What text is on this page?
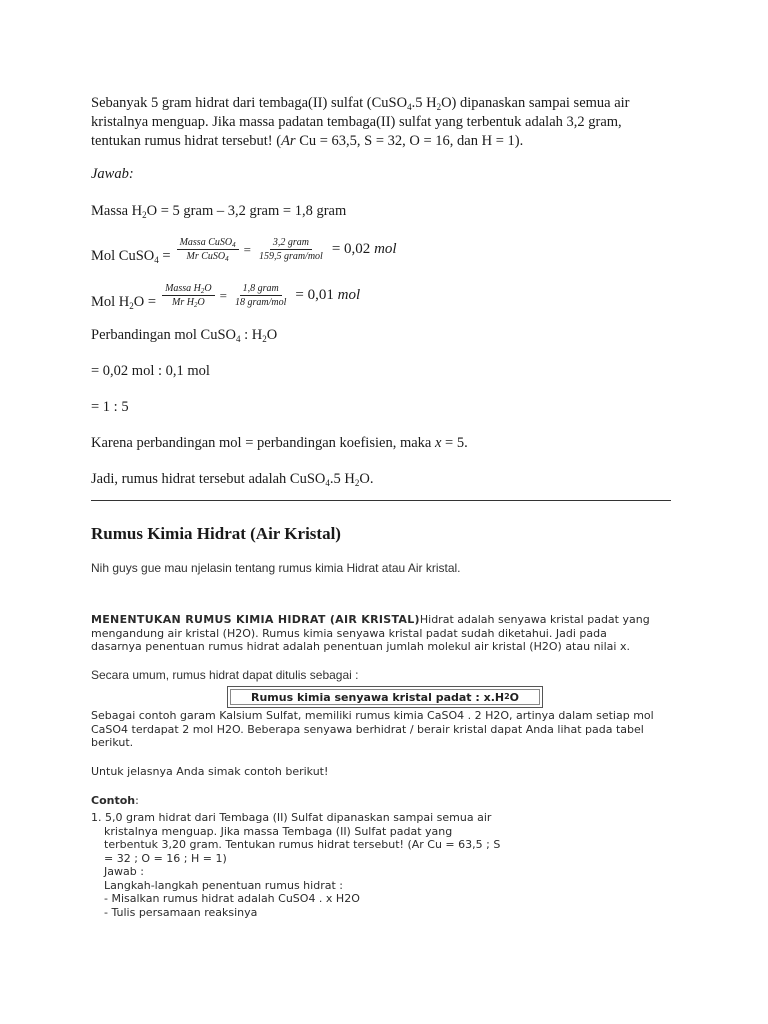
Sebanyak 5 gram hidrat dari tembaga(II) sulfat (CuSO$_4$.5 $H_2O$) dipanaskan sampai semua air
kristalnya menguap. Jika massa padatan tembaga(II) sulfat yang terbentuk adalah 3,2 gram,
tentukan rumus hidrat tersebut! (Ar Cu = 63,5, S = 32, O = 16, dan H = 1).
Jawab:
Massa $H_2O = 5$ gram – 3,2 gram = 1,8 gram
Mol CuSO$_4$ = $\frac{Massa CuSO_4}{Mr CuSO_4} = \frac{\text{3,2 gram}}{\text{159,5 gram/mol}} = 0,02$ mol
Mol $H_2O = \frac{Massa H_2O}{Mr H_2O} = \frac{\text{1,8 gram}}{\text{18 gram/mol}} = 0,01$ mol
Perbandingan mol CuSO$_4$ : $H_2O$
= 0,02 mol : 0,1 mol
= 1 : 5
Karena perbandingan mol = perbandingan koefisien, maka x = 5.
Jadi, rumus hidrat tersebut adalah CuSO$_4$.5 $H_2O$.
Rumus Kimia Hidrat (Air Kristal)
Nih guys gue mau njelasin tentang rumus kimia Hidrat atau Air kristal.
MENENTUKAN RUMUS KIMIA HIDRAT (AIR KRISTAL)Hidrat adalah senyawa kristal padat yang
mengandung air kristal (H2O). Rumus kimia senyawa kristal padat sudah diketahui. Jadi pada
dasarnya penentuan rumus hidrat adalah penentuan jumlah molekul air kristal (H2O) atau nilai x.
Secara umum, rumus hidrat dapat ditulis sebagai :
Rumus kimia senyawa kristal padat : x.H 2 O
Sebagai contoh garam Kalsium Sulfat, memiliki rumus kimia CaSO4 . 2 H2O, artinya dalam setiap mol
CaSO4 terdapat 2 mol H2O. Beberapa senyawa berhidrat / berair kristal dapat Anda lihat pada tabel
berikut.
Untuk jelasnya Anda simak contoh berikut!
Contoh:
1. 5,0 gram hidrat dari Tembaga (II) Sulfat dipanaskan sampai semua air
kristalnya menguap. Jika massa Tembaga (II) Sulfat padat yang
terbentuk 3,20 gram. Tentukan rumus hidrat tersebut! (Ar Cu = 63,5 ; S
= 32 ; O = 16 ; H = 1)
Jawab :
Langkah-langkah penentuan rumus hidrat :
- Misalkan rumus hidrat adalah CuSO4 . x H2O
- Tulis persamaan reaksinya
